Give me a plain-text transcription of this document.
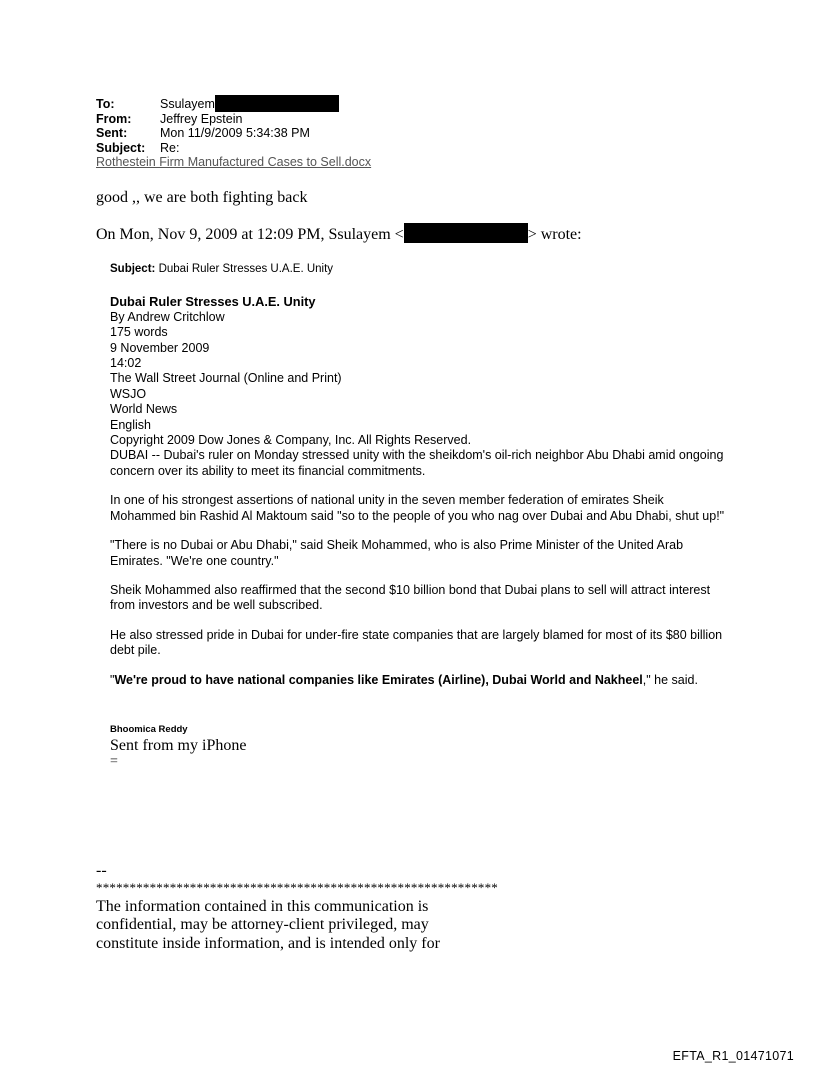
To:	Ssulayem
From:	Jeffrey Epstein
Sent:	Mon 11/9/2009 5:34:38 PM
Subject:	Re:
Rothestein Firm Manufactured Cases to Sell.docx
good ,, we are both fighting back
On Mon, Nov 9, 2009 at 12:09 PM, Ssulayem <	> wrote:

Subject: Dubai Ruler Stresses U.A.E. Unity

Dubai Ruler Stresses U.A.E. Unity

By Andrew Critchlow

175 words

9 November 2009

14:02

The Wall Street Journal (Online and Print)

WSJO

World News

English

Copyright 2009 Dow Jones & Company, Inc. All Rights Reserved.

DUBAI -- Dubai's ruler on Monday stressed unity with the sheikdom's oil-rich neighbor Abu Dhabi amid ongoing concern over its ability to meet its financial commitments.

In one of his strongest assertions of national unity in the seven member federation of emirates Sheik Mohammed bin Rashid Al Maktoum said "so to the people of you who nag over Dubai and Abu Dhabi, shut up!"

"There is no Dubai or Abu Dhabi," said Sheik Mohammed, who is also Prime Minister of the United Arab Emirates. "We're one country."

Sheik Mohammed also reaffirmed that the second $10 billion bond that Dubai plans to sell will attract interest from investors and be well subscribed.

He also stressed pride in Dubai for under-fire state companies that are largely blamed for most of its $80 billion debt pile.

"We're proud to have national companies like Emirates (Airline), Dubai World and Nakheel," he said.

Bhoomica Reddy

Sent from my iPhone

=

--
************************************************************
The information contained in this communication is confidential, may be attorney-client privileged, may constitute inside information, and is intended only for
EFTA_R1_01471071
